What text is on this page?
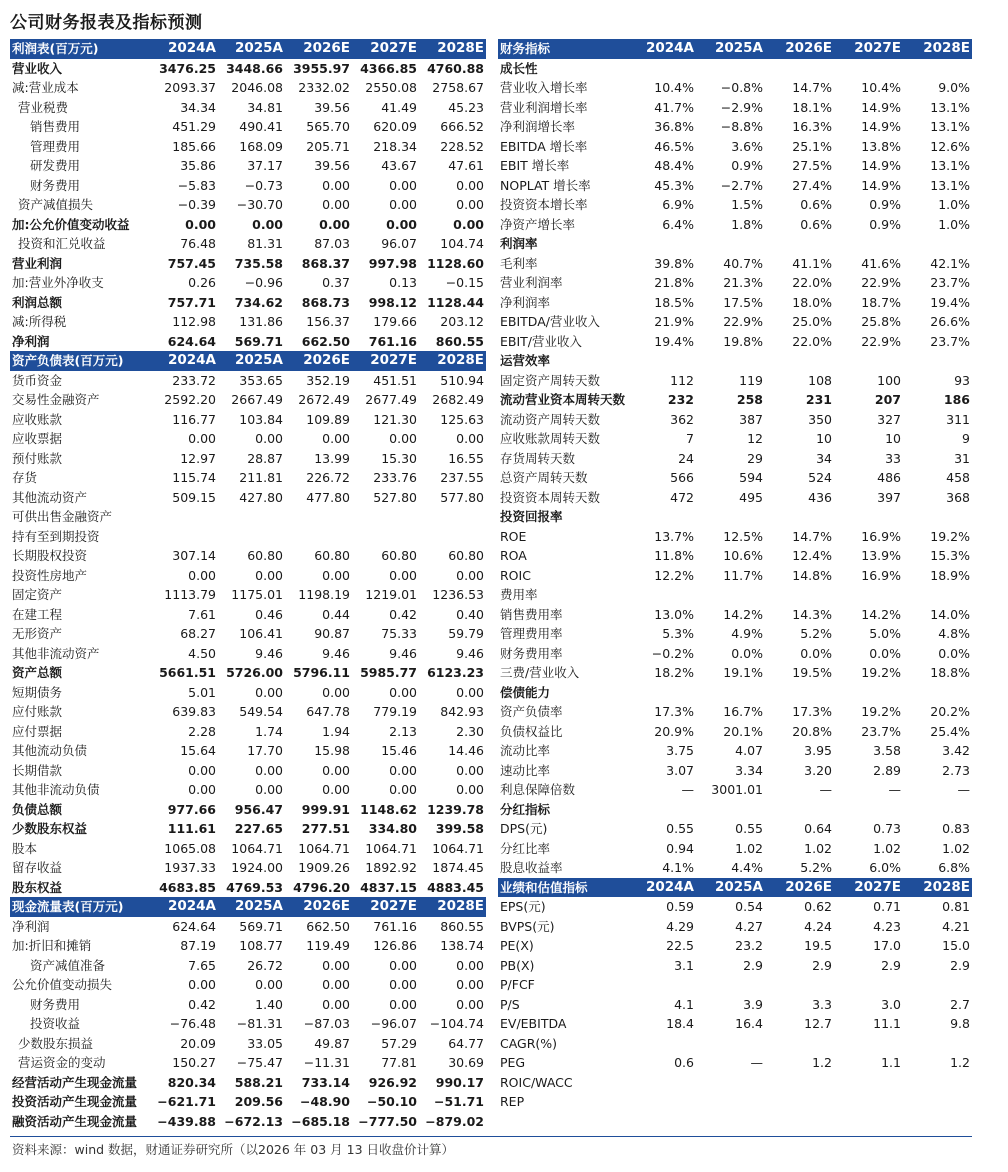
公司财务报表及指标预测
利润表(百万元)	2024A	2025A	2026E	2027E	2028E
营业收入	3476.25	3448.66	3955.97	4366.85	4760.88
减:营业成本	2093.37	2046.08	2332.02	2550.08	2758.67
营业税费	34.34	34.81	39.56	41.49	45.23
销售费用	451.29	490.41	565.70	620.09	666.52
管理费用	185.66	168.09	205.71	218.34	228.52
研发费用	35.86	37.17	39.56	43.67	47.61
财务费用	−5.83	−0.73	0.00	0.00	0.00
资产减值损失	−0.39	−30.70	0.00	0.00	0.00
加:公允价值变动收益	0.00	0.00	0.00	0.00	0.00
投资和汇兑收益	76.48	81.31	87.03	96.07	104.74
营业利润	757.45	735.58	868.37	997.98	1128.60
加:营业外净收支	0.26	−0.96	0.37	0.13	−0.15
利润总额	757.71	734.62	868.73	998.12	1128.44
减:所得税	112.98	131.86	156.37	179.66	203.12
净利润	624.64	569.71	662.50	761.16	860.55
资产负债表(百万元)	2024A	2025A	2026E	2027E	2028E
货币资金	233.72	353.65	352.19	451.51	510.94
交易性金融资产	2592.20	2667.49	2672.49	2677.49	2682.49
应收账款	116.77	103.84	109.89	121.30	125.63
应收票据	0.00	0.00	0.00	0.00	0.00
预付账款	12.97	28.87	13.99	15.30	16.55
存货	115.74	211.81	226.72	233.76	237.55
其他流动资产	509.15	427.80	477.80	527.80	577.80
可供出售金融资产					
持有至到期投资					
长期股权投资	307.14	60.80	60.80	60.80	60.80
投资性房地产	0.00	0.00	0.00	0.00	0.00
固定资产	1113.79	1175.01	1198.19	1219.01	1236.53
在建工程	7.61	0.46	0.44	0.42	0.40
无形资产	68.27	106.41	90.87	75.33	59.79
其他非流动资产	4.50	9.46	9.46	9.46	9.46
资产总额	5661.51	5726.00	5796.11	5985.77	6123.23
短期债务	5.01	0.00	0.00	0.00	0.00
应付账款	639.83	549.54	647.78	779.19	842.93
应付票据	2.28	1.74	1.94	2.13	2.30
其他流动负债	15.64	17.70	15.98	15.46	14.46
长期借款	0.00	0.00	0.00	0.00	0.00
其他非流动负债	0.00	0.00	0.00	0.00	0.00
负债总额	977.66	956.47	999.91	1148.62	1239.78
少数股东权益	111.61	227.65	277.51	334.80	399.58
股本	1065.08	1064.71	1064.71	1064.71	1064.71
留存收益	1937.33	1924.00	1909.26	1892.92	1874.45
股东权益	4683.85	4769.53	4796.20	4837.15	4883.45
现金流量表(百万元)	2024A	2025A	2026E	2027E	2028E
净利润	624.64	569.71	662.50	761.16	860.55
加:折旧和摊销	87.19	108.77	119.49	126.86	138.74
资产减值准备	7.65	26.72	0.00	0.00	0.00
公允价值变动损失	0.00	0.00	0.00	0.00	0.00
财务费用	0.42	1.40	0.00	0.00	0.00
投资收益	−76.48	−81.31	−87.03	−96.07	−104.74
少数股东损益	20.09	33.05	49.87	57.29	64.77
营运资金的变动	150.27	−75.47	−11.31	77.81	30.69
经营活动产生现金流量	820.34	588.21	733.14	926.92	990.17
投资活动产生现金流量	−621.71	209.56	−48.90	−50.10	−51.71
融资活动产生现金流量	−439.88	−672.13	−685.18	−777.50	−879.02
财务指标	2024A	2025A	2026E	2027E	2028E
成长性					
营业收入增长率	10.4%	−0.8%	14.7%	10.4%	9.0%
营业利润增长率	41.7%	−2.9%	18.1%	14.9%	13.1%
净利润增长率	36.8%	−8.8%	16.3%	14.9%	13.1%
EBITDA 增长率	46.5%	3.6%	25.1%	13.8%	12.6%
EBIT 增长率	48.4%	0.9%	27.5%	14.9%	13.1%
NOPLAT 增长率	45.3%	−2.7%	27.4%	14.9%	13.1%
投资资本增长率	6.9%	1.5%	0.6%	0.9%	1.0%
净资产增长率	6.4%	1.8%	0.6%	0.9%	1.0%
利润率					
毛利率	39.8%	40.7%	41.1%	41.6%	42.1%
营业利润率	21.8%	21.3%	22.0%	22.9%	23.7%
净利润率	18.5%	17.5%	18.0%	18.7%	19.4%
EBITDA/营业收入	21.9%	22.9%	25.0%	25.8%	26.6%
EBIT/营业收入	19.4%	19.8%	22.0%	22.9%	23.7%
运营效率					
固定资产周转天数	112	119	108	100	93
流动营业资本周转天数	232	258	231	207	186
流动资产周转天数	362	387	350	327	311
应收账款周转天数	7	12	10	10	9
存货周转天数	24	29	34	33	31
总资产周转天数	566	594	524	486	458
投资资本周转天数	472	495	436	397	368
投资回报率					
ROE	13.7%	12.5%	14.7%	16.9%	19.2%
ROA	11.8%	10.6%	12.4%	13.9%	15.3%
ROIC	12.2%	11.7%	14.8%	16.9%	18.9%
费用率					
销售费用率	13.0%	14.2%	14.3%	14.2%	14.0%
管理费用率	5.3%	4.9%	5.2%	5.0%	4.8%
财务费用率	−0.2%	0.0%	0.0%	0.0%	0.0%
三费/营业收入	18.2%	19.1%	19.5%	19.2%	18.8%
偿债能力					
资产负债率	17.3%	16.7%	17.3%	19.2%	20.2%
负债权益比	20.9%	20.1%	20.8%	23.7%	25.4%
流动比率	3.75	4.07	3.95	3.58	3.42
速动比率	3.07	3.34	3.20	2.89	2.73
利息保障倍数	—	3001.01	—	—	—
分红指标					
DPS(元)	0.55	0.55	0.64	0.73	0.83
分红比率	0.94	1.02	1.02	1.02	1.02
股息收益率	4.1%	4.4%	5.2%	6.0%	6.8%
业绩和估值指标	2024A	2025A	2026E	2027E	2028E
EPS(元)	0.59	0.54	0.62	0.71	0.81
BVPS(元)	4.29	4.27	4.24	4.23	4.21
PE(X)	22.5	23.2	19.5	17.0	15.0
PB(X)	3.1	2.9	2.9	2.9	2.9
P/FCF					
P/S	4.1	3.9	3.3	3.0	2.7
EV/EBITDA	18.4	16.4	12.7	11.1	9.8
CAGR(%)					
PEG	0.6	—	1.2	1.1	1.2
ROIC/WACC					
REP					
资料来源：wind 数据，财通证券研究所（以2026 年 03 月 13 日收盘价计算）
